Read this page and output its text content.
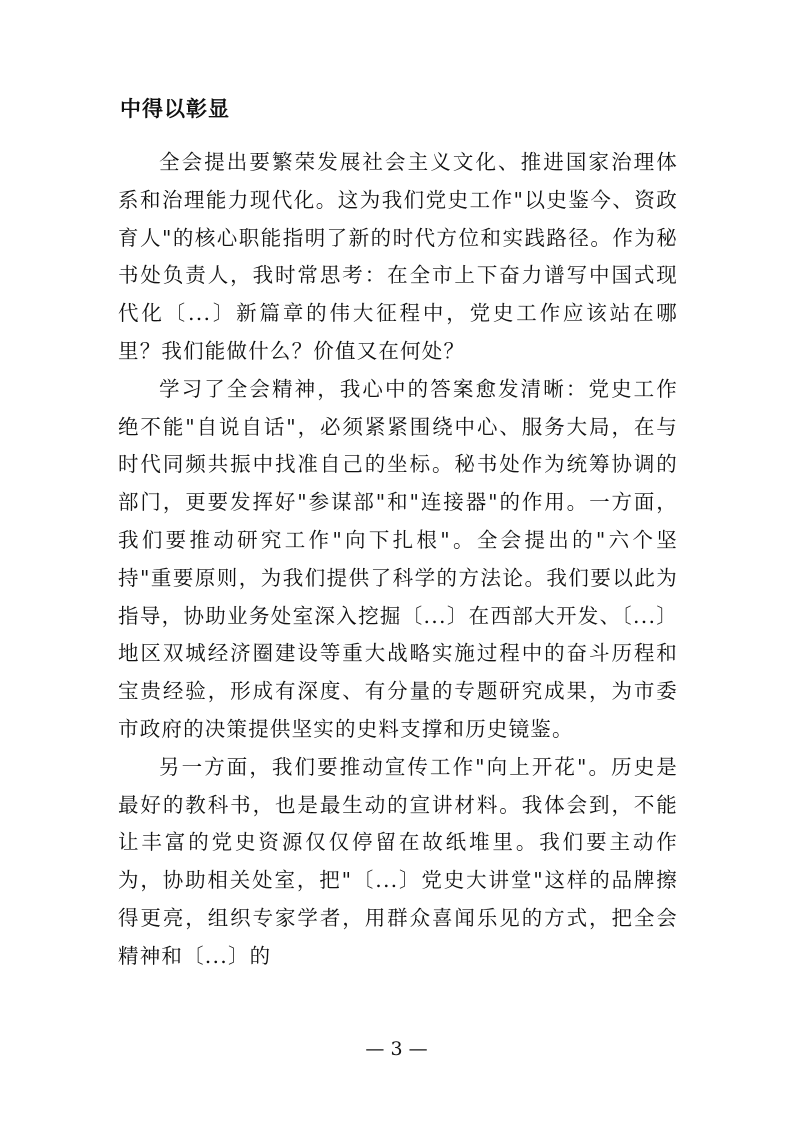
中得以彰显

全会提出要繁荣发展社会主义文化、推进国家治理体系和治理能力现代化。这为我们党史工作"以史鉴今、资政育人"的核心职能指明了新的时代方位和实践路径。作为秘书处负责人，我时常思考：在全市上下奋力谱写中国式现代化〔...〕新篇章的伟大征程中，党史工作应该站在哪里？我们能做什么？价值又在何处？

学习了全会精神，我心中的答案愈发清晰：党史工作绝不能"自说自话"，必须紧紧围绕中心、服务大局，在与时代同频共振中找准自己的坐标。秘书处作为统筹协调的部门，更要发挥好"参谋部"和"连接器"的作用。一方面，我们要推动研究工作"向下扎根"。全会提出的"六个坚持"重要原则，为我们提供了科学的方法论。我们要以此为指导，协助业务处室深入挖掘〔...〕在西部大开发、〔...〕地区双城经济圈建设等重大战略实施过程中的奋斗历程和宝贵经验，形成有深度、有分量的专题研究成果，为市委市政府的决策提供坚实的史料支撑和历史镜鉴。

另一方面，我们要推动宣传工作"向上开花"。历史是最好的教科书，也是最生动的宣讲材料。我体会到，不能让丰富的党史资源仅仅停留在故纸堆里。我们要主动作为，协助相关处室，把"〔...〕党史大讲堂"这样的品牌擦得更亮，组织专家学者，用群众喜闻乐见的方式，把全会精神和〔...〕的

— 3 —
